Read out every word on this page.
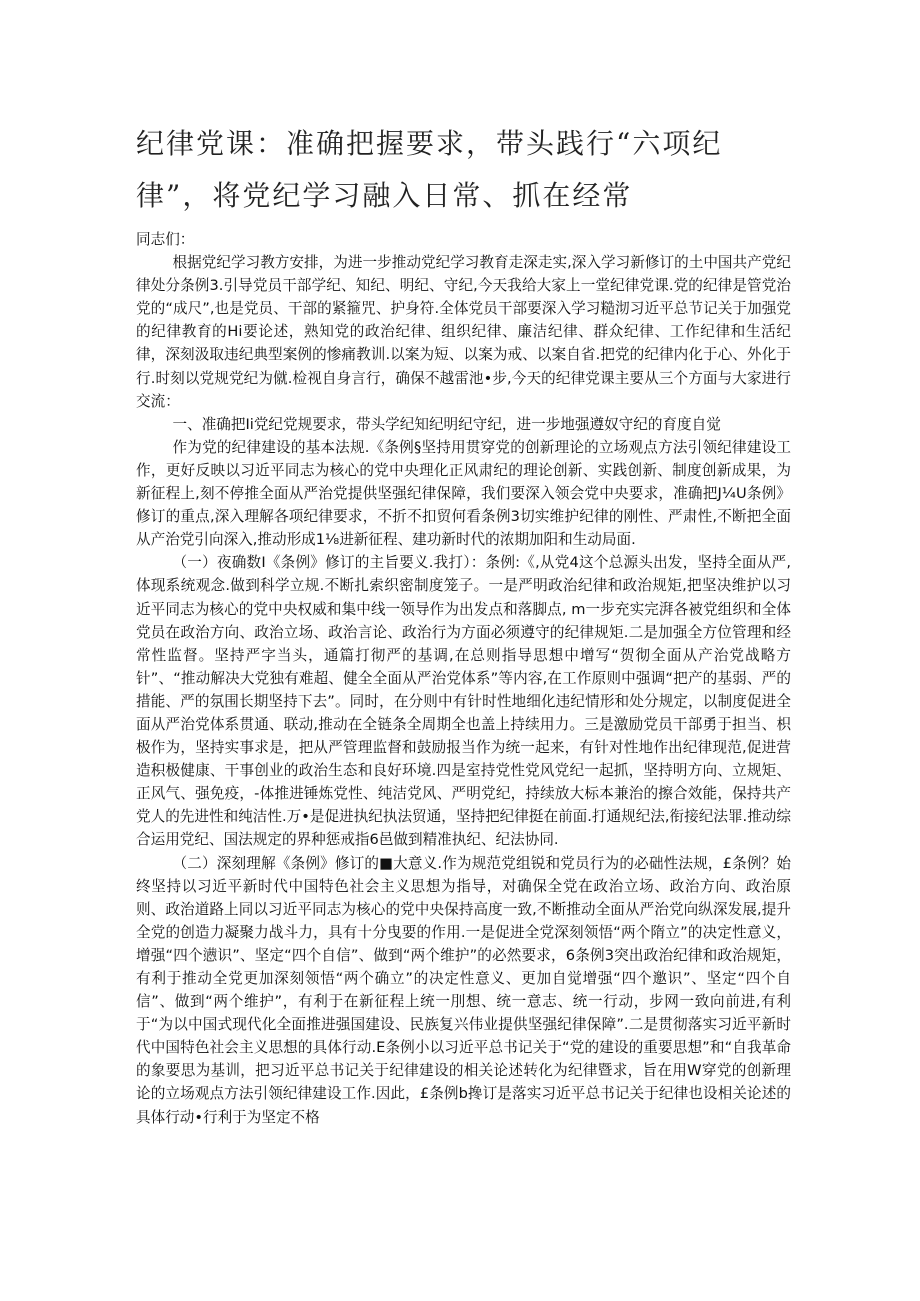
纪律党课：准确把握要求，带头践行“六项纪律”，将党纪学习融入日常、抓在经常

同志们：

根据党纪学习教方安排，为进一步推动党纪学习教育走深走实,深入学习新修订的土中国共产党纪律处分条例3.引导党员干部学纪、知纪、明纪、守纪,今天我给大家上一堂纪律党课.党的纪律是管党治党的“成尺”,也是党员、干部的紧箍咒、护身符.全体党员干部要深入学习糙沏习近平总节记关于加强党的纪律教育的Hi要论述，熟知党的政治纪律、组织纪律、廉洁纪律、群众纪律、工作纪律和生活纪律，深刻汲取违纪典型案例的惨痛教训.以案为短、以案为戒、以案自省.把党的纪律内化于心、外化于行.时刻以党规党纪为僦.检视自身言行，确保不越雷池•步,今天的纪律党课主要从三个方面与大家进行交流：

一、准确把Ii党纪党规要求，带头学纪知纪明纪守纪，进一步地强遵奴守纪的育度自觉

作为党的纪律建设的基本法规.《条例§坚持用贯穿党的创新理论的立场观点方法引领纪律建设工作，更好反映以习近平同志为核心的党中央理化正风肃纪的理论创新、实践创新、制度创新成果，为新征程上,刻不停推全面从严治党提供坚强纪律保障，我们要深入领会党中央要求，准确把J¼U条例》修订的重点,深入理解各项纪律要求，不折不扣贸何看条例3切实维护纪律的刚性、严肃性,不断把全面从产治党引向深入,推动形成1⅛进新征程、建功新时代的浓期加阳和生动局面.

（一）夜确数I《条例》修订的主旨要义.我打）：条例:《,从党4这个总源头出发，坚持全面从严,体现系统观念.做到科学立规.不断扎索织密制度笼子。一是严明政治纪律和政治规矩,把坚决维护以习近平同志为核心的党中央权威和集中线一领导作为出发点和落脚点, m一步充实完湃各被党组织和全体党员在政治方向、政治立场、政治言论、政治行为方面必须遵守的纪律规矩.二是加强全方位管理和经常性监督。坚持严字当头，通篇打彻严的基调,在总则指导思想中增写“贺彻全面从产治党战略方针”、“推动解决大党独有难超、健全全面从严治党体系”等内容,在工作原则中强调“把产的基弱、严的措能、严的氛围长期坚持下去”。同时，在分则中有针时性地细化违纪情形和处分规定，以制度促进全面从严治党体系贯通、联动,推动在全链条全周期全也盖上持续用力。三是激励党员干部勇于担当、枳极作为，坚持实事求是，把从严管理监督和鼓励报当作为统一起来，有针对性地作出纪律现范,促进营造积极健康、干事创业的政治生态和良好环境.四是室持党性党风党纪一起抓，坚持明方向、立规矩、正风气、强免疫，-体推进锤炼党性、纯洁党风、严明党纪，持续放大标本兼治的擦合效能，保持共产党人的先进性和纯洁性.万•是促进执纪执法贸通，坚持把纪律挺在前面.打通规纪法,衔接纪法罪.推动综合运用党纪、国法规定的界种惩戒指6邑做到精准执纪、纪法协同.

（二）深刻理解《条例》修订的■大意义.作为规范党组锐和党员行为的必础性法规，£条例？始终坚持以习近平新时代中国特色社会主义思想为指导，对确保全党在政治立场、政治方向、政治原则、政治道路上同以习近平同志为核心的党中央保持高度一致,不断推动全面从严治党向纵深发展,提升全党的创造力凝聚力战斗力，具有十分曳要的作用.一是促进全党深刻领悟“两个隋立”的决定性意义，增强“四个懑识”、坚定“四个自信”、做到“两个维护”的必然要求，6条例3突出政治纪律和政治规矩，有利于推动全党更加深刻领悟“两个确立”的决定性意义、更加自觉增强“四个邀识”、坚定“四个自信”、做到“两个维护”，有利于在新征程上统一刖想、统一意志、统一行动，步网一致向前进,有利于“为以中国式现代化全面推进强国建设、民族复兴伟业提供坚强纪律保障”.二是贯彻落实习近平新时代中国特色社会主义思想的具体行动.E条例小以习近平总书记关于“党的建设的重要思想”和“自我革命的象要思为基训，把习近平总书记关于纪律建设的相关论述转化为纪律暨求，旨在用W穿党的创新理论的立场观点方法引领纪律建设工作.因此，£条例b搀订是落实习近平总书记关于纪律也设相关论述的具体行动•行利于为坚定不格
